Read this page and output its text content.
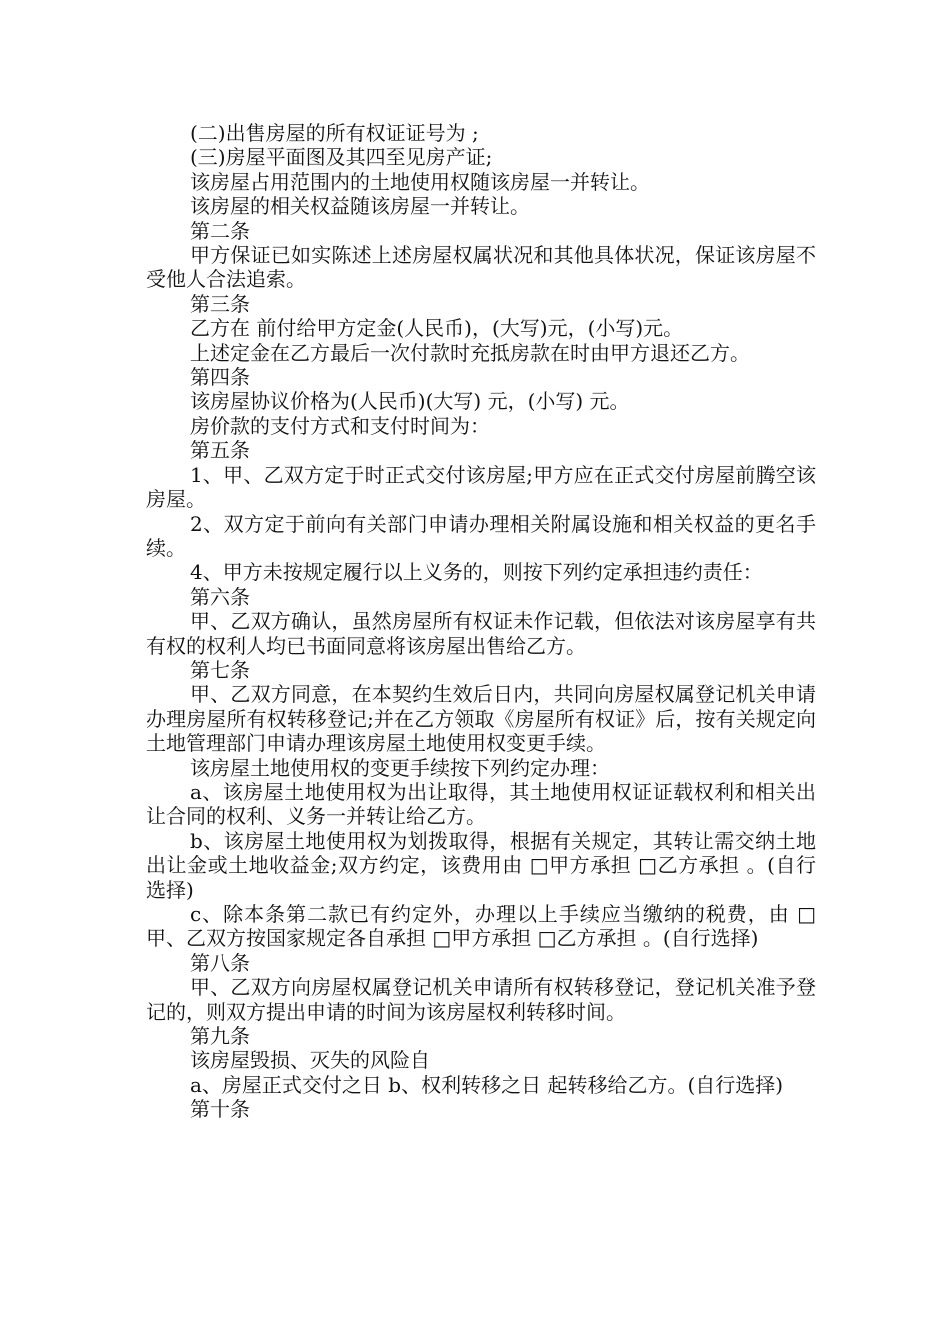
(二)出售房屋的所有权证证号为 ;

(三)房屋平面图及其四至见房产证;

该房屋占用范围内的土地使用权随该房屋一并转让。

该房屋的相关权益随该房屋一并转让。

第二条

甲方保证已如实陈述上述房屋权属状况和其他具体状况，保证该房屋不受他人合法追索。

第三条

乙方在 前付给甲方定金(人民币)，(大写)元，(小写)元。

上述定金在乙方最后一次付款时充抵房款在时由甲方退还乙方。

第四条

该房屋协议价格为(人民币)(大写) 元，(小写) 元。

房价款的支付方式和支付时间为：

第五条

1、甲、乙双方定于时正式交付该房屋;甲方应在正式交付房屋前腾空该房屋。

2、双方定于前向有关部门申请办理相关附属设施和相关权益的更名手续。

4、甲方未按规定履行以上义务的，则按下列约定承担违约责任：

第六条

甲、乙双方确认，虽然房屋所有权证未作记载，但依法对该房屋享有共有权的权利人均已书面同意将该房屋出售给乙方。

第七条

甲、乙双方同意，在本契约生效后日内，共同向房屋权属登记机关申请办理房屋所有权转移登记;并在乙方领取《房屋所有权证》后，按有关规定向土地管理部门申请办理该房屋土地使用权变更手续。

该房屋土地使用权的变更手续按下列约定办理：

a、该房屋土地使用权为出让取得，其土地使用权证证载权利和相关出让合同的权利、义务一并转让给乙方。

b、该房屋土地使用权为划拨取得，根据有关规定，其转让需交纳土地出让金或土地收益金;双方约定，该费用由 □甲方承担 □乙方承担 。(自行选择)

c、除本条第二款已有约定外，办理以上手续应当缴纳的税费，由 □甲、乙双方按国家规定各自承担 □甲方承担 □乙方承担 。(自行选择)

第八条

甲、乙双方向房屋权属登记机关申请所有权转移登记，登记机关准予登记的，则双方提出申请的时间为该房屋权利转移时间。

第九条

该房屋毁损、灭失的风险自

a、房屋正式交付之日 b、权利转移之日 起转移给乙方。(自行选择)

第十条
